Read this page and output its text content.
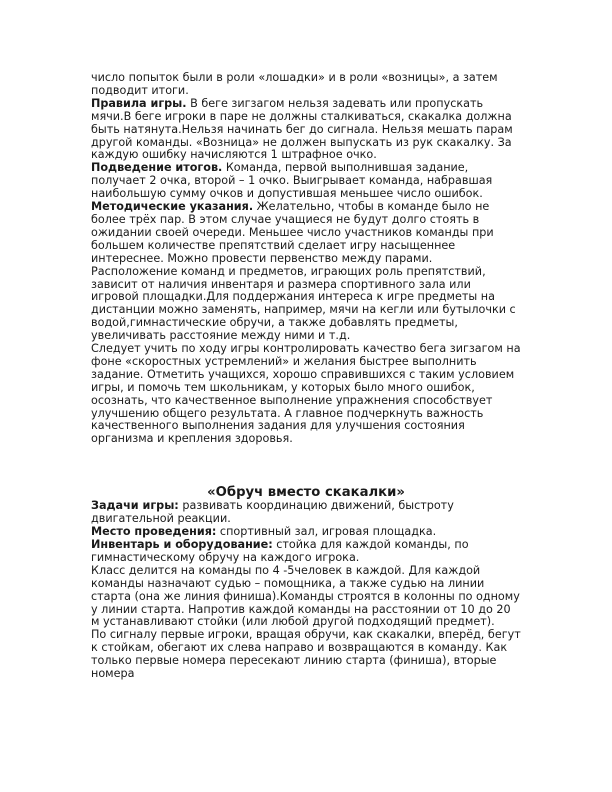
число попыток были в роли «лошадки» и в роли «возницы», а затем подводит итоги.

Правила игры. В беге зигзагом нельзя задевать или пропускать мячи.В беге игроки в паре не должны сталкиваться, скакалка должна быть натянута.Нельзя начинать бег до сигнала. Нельзя мешать парам другой команды. «Возница» не должен выпускать из рук скакалку. За каждую ошибку начисляются 1 штрафное очко.

Подведение итогов. Команда, первой выполнившая задание, получает 2 очка, второй – 1 очко. Выигрывает команда, набравшая наибольшую сумму очков и допустившая меньшее число ошибок.

Методические указания. Желательно, чтобы в команде было не более трёх пар. В этом случае учащиеся не будут долго стоять в ожидании своей очереди. Меньшее число участников команды при большем количестве препятствий сделает игру насыщеннее интереснее. Можно провести первенство между парами.

Расположение команд и предметов, играющих роль препятствий, зависит от наличия инвентаря и размера спортивного зала или игровой площадки.Для поддержания интереса к игре предметы на дистанции можно заменять, например, мячи на кегли или бутылочки с водой,гимнастические обручи, а также добавлять предметы, увеличивать расстояние между ними и т.д.

Следует учить по ходу игры контролировать качество бега зигзагом на фоне «скоростных устремлений» и желания быстрее выполнить задание. Отметить учащихся, хорошо справившихся с таким условием игры, и помочь тем школьникам, у которых было много ошибок, осознать, что качественное выполнение упражнения способствует улучшению общего результата. А главное подчеркнуть важность качественного выполнения задания для улучшения состояния организма и крепления здоровья.

«Обруч вместо скакалки»

Задачи игры: развивать координацию движений, быстроту двигательной реакции.

Место проведения: спортивный зал, игровая площадка.

Инвентарь и оборудование: стойка для каждой команды, по гимнастическому обручу на каждого игрока.

Класс делится на команды по 4 -5человек в каждой. Для каждой команды назначают судью – помощника, а также судью на линии старта (она же линия финиша).Команды строятся в колонны по одному у линии старта. Напротив каждой команды на расстоянии от 10 до 20 м устанавливают стойки (или любой другой подходящий предмет).

По сигналу первые игроки, вращая обручи, как скакалки, вперёд, бегут к стойкам, обегают их слева направо и возвращаются в команду. Как только первые номера пересекают линию старта (финиша), вторые номера
